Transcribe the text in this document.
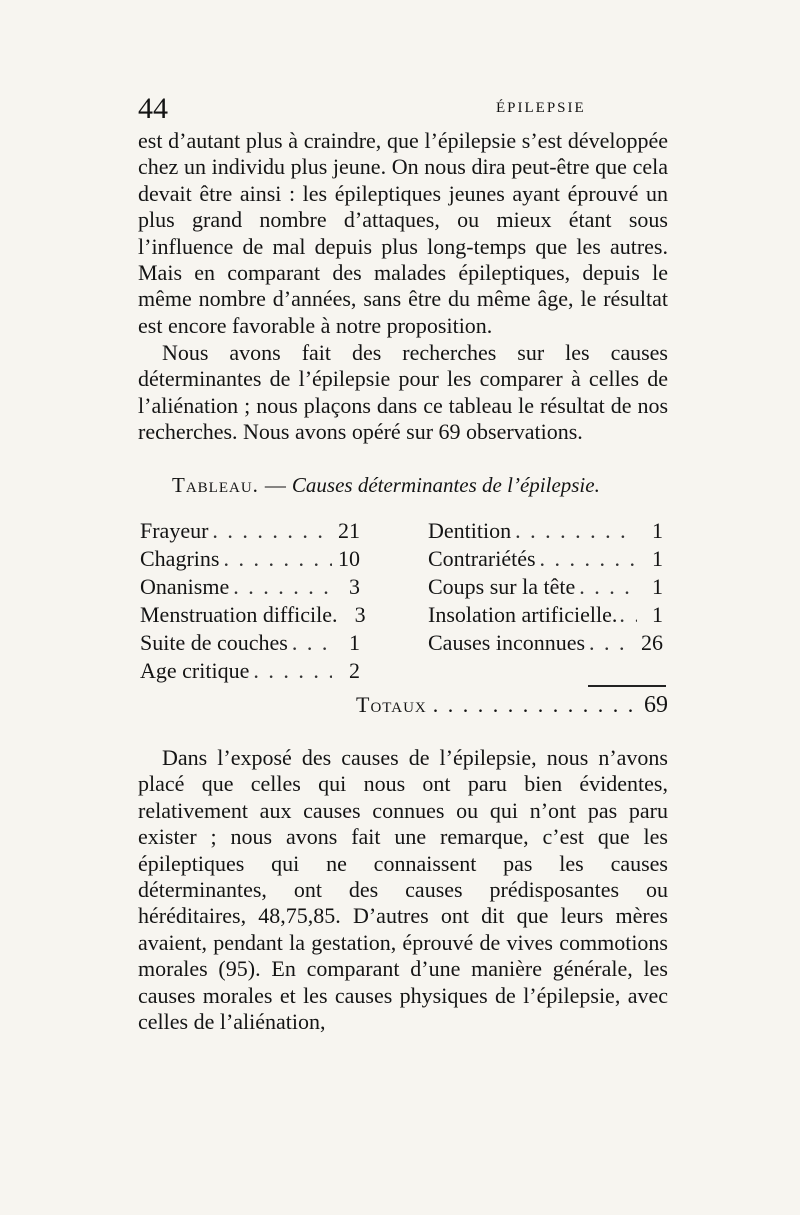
44	ÉPILEPSIE

est d’autant plus à craindre, que l’épilepsie s’est développée chez un individu plus jeune. On nous dira peut-être que cela devait être ainsi : les épileptiques jeunes ayant éprouvé un plus grand nombre d’attaques, ou mieux étant sous l’influence de mal depuis plus long-temps que les autres. Mais en comparant des malades épileptiques, depuis le même nombre d’années, sans être du même âge, le résultat est encore favorable à notre proposition.

Nous avons fait des recherches sur les causes déterminantes de l’épilepsie pour les comparer à celles de l’aliénation ; nous plaçons dans ce tableau le résultat de nos recherches. Nous avons opéré sur 69 observations.

Tableau. — Causes déterminantes de l’épilepsie.
Frayeur . . .	21
Chagrins . . .	10
Onanisme . . .	3
Menstruation difficile. 3
Suite de couches . . .	1
Age critique . . .	2
Dentition . . .	1
Contrariétés . . .	1
Coups sur la tête . . .	1
Insolation artificielle. . . .	1
Causes inconnues . . .	26
Totaux . . .	69

Dans l’exposé des causes de l’épilepsie, nous n’avons placé que celles qui nous ont paru bien évidentes, relativement aux causes connues ou qui n’ont pas paru exister ; nous avons fait une remarque, c’est que les épileptiques qui ne connaissent pas les causes déterminantes, ont des causes prédisposantes ou héréditaires, 48,75,85. D’autres ont dit que leurs mères avaient, pendant la gestation, éprouvé de vives commotions morales (95). En comparant d’une manière générale, les causes morales et les causes physiques de l’épilepsie, avec celles de l’aliénation,
